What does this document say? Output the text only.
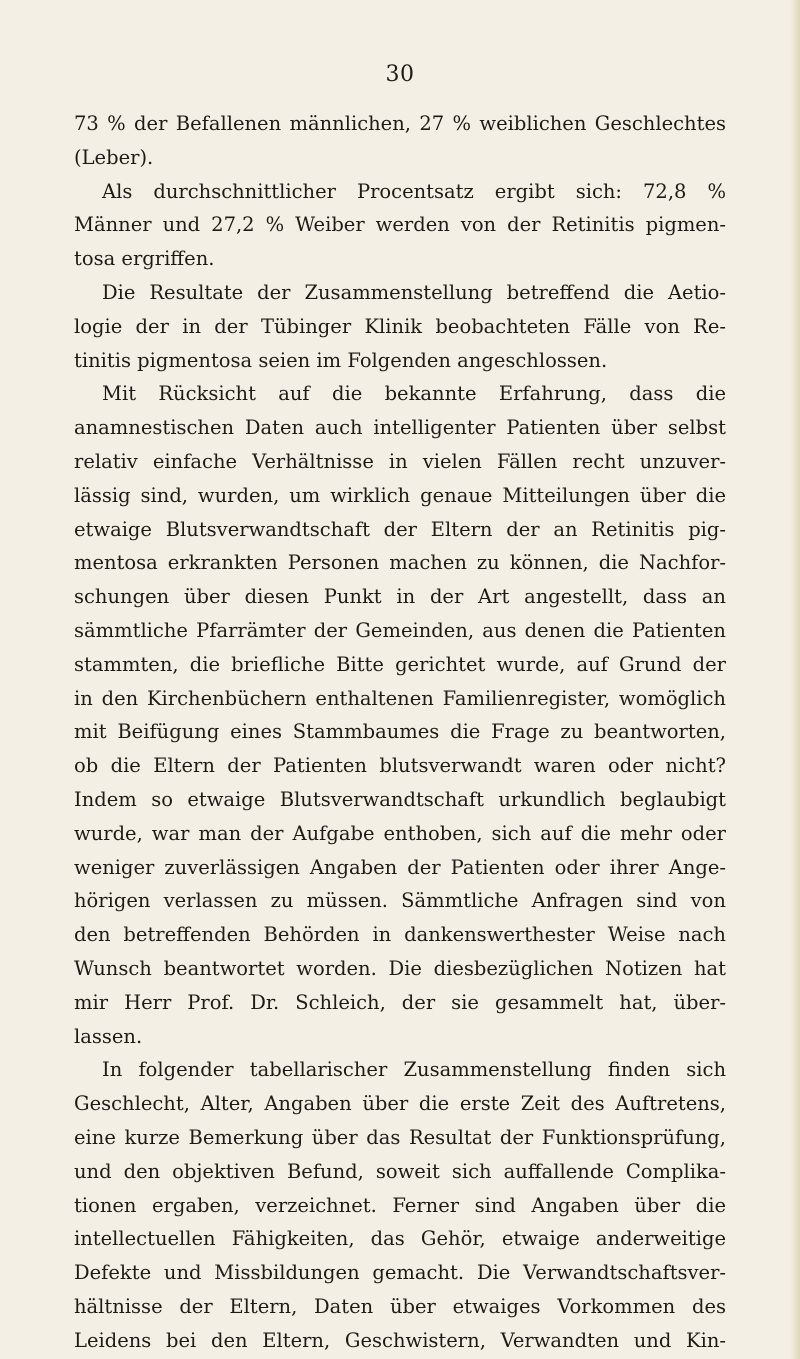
30
73 % der Befallenen männlichen, 27 % weiblichen Geschlechtes
(Leber).
Als durchschnittlicher Procentsatz ergibt sich: 72,8 %
Männer und 27,2 % Weiber werden von der Retinitis pigmen-
tosa ergriffen.
Die Resultate der Zusammenstellung betreffend die Aetio-
logie der in der Tübinger Klinik beobachteten Fälle von Re-
tinitis pigmentosa seien im Folgenden angeschlossen.
Mit Rücksicht auf die bekannte Erfahrung, dass die
anamnestischen Daten auch intelligenter Patienten über selbst
relativ einfache Verhältnisse in vielen Fällen recht unzuver-
lässig sind, wurden, um wirklich genaue Mitteilungen über die
etwaige Blutsverwandtschaft der Eltern der an Retinitis pig-
mentosa erkrankten Personen machen zu können, die Nachfor-
schungen über diesen Punkt in der Art angestellt, dass an
sämmtliche Pfarrämter der Gemeinden, aus denen die Patienten
stammten, die briefliche Bitte gerichtet wurde, auf Grund der
in den Kirchenbüchern enthaltenen Familienregister, womöglich
mit Beifügung eines Stammbaumes die Frage zu beantworten,
ob die Eltern der Patienten blutsverwandt waren oder nicht?
Indem so etwaige Blutsverwandtschaft urkundlich beglaubigt
wurde, war man der Aufgabe enthoben, sich auf die mehr oder
weniger zuverlässigen Angaben der Patienten oder ihrer Ange-
hörigen verlassen zu müssen. Sämmtliche Anfragen sind von
den betreffenden Behörden in dankenswerthester Weise nach
Wunsch beantwortet worden. Die diesbezüglichen Notizen hat
mir Herr Prof. Dr. Schleich, der sie gesammelt hat, über-
lassen.
In folgender tabellarischer Zusammenstellung finden sich
Geschlecht, Alter, Angaben über die erste Zeit des Auftretens,
eine kurze Bemerkung über das Resultat der Funktionsprüfung,
und den objektiven Befund, soweit sich auffallende Complika-
tionen ergaben, verzeichnet. Ferner sind Angaben über die
intellectuellen Fähigkeiten, das Gehör, etwaige anderweitige
Defekte und Missbildungen gemacht. Die Verwandtschaftsver-
hältnisse der Eltern, Daten über etwaiges Vorkommen des
Leidens bei den Eltern, Geschwistern, Verwandten und Kin-
